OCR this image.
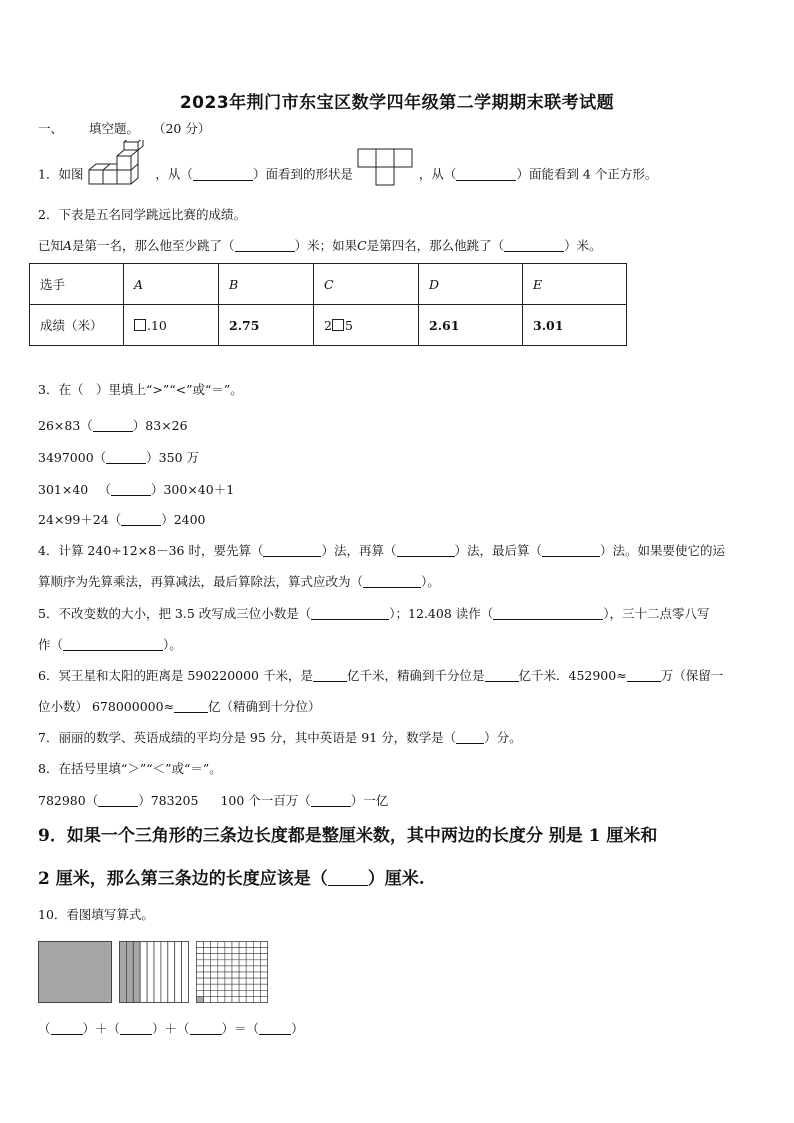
2023年荆门市东宝区数学四年级第二学期期末联考试题
一、 填空题。 （20 分）
1．如图	，从（	）面看到的形状是	，从（	）面能看到 4 个正方形。
2．下表是五名同学跳远比赛的成绩。
已知A是第一名，那么他至少跳了（	）米；如果C是第四名，那么他跳了（	）米。
选手	A	B	C	D	E
成绩（米）	.10	2.75	2 5	2.61	3.01
3．在（　）里填上“>”“<”或“＝”。
26×83（	）83×26
3497000（	）350 万
301×40 　（	）300×40＋1
24×99＋24（	）2400
4．计算 240÷12×8－36 时，要先算（	）法，再算（	）法，最后算（	）法。如果要使它的运
算顺序为先算乘法，再算减法，最后算除法，算式应改为（	）。
5．不改变数的大小，把 3.5 改写成三位小数是（	）；12.408 读作（	），三十二点零八写
作（	）。
6．冥王星和太阳的距离是 590220000 千米，是	亿千米，精确到千分位是	亿千米．452900≈	万（保留一
位小数） 678000000≈	亿（精确到十分位）
7．丽丽的数学、英语成绩的平均分是 95 分，其中英语是 91 分，数学是（ ）分。
8．在括号里填“＞”“＜”或“＝”。
782980（	）783205 100 个一百万（	）一亿
9．如果一个三角形的三条边长度都是整厘米数，其中两边的长度分 别是 1 厘米和
2 厘米，那么第三条边的长度应该是（ ）厘米.
10．看图填写算式。
（	）＋（	）＋（	）＝（	）
